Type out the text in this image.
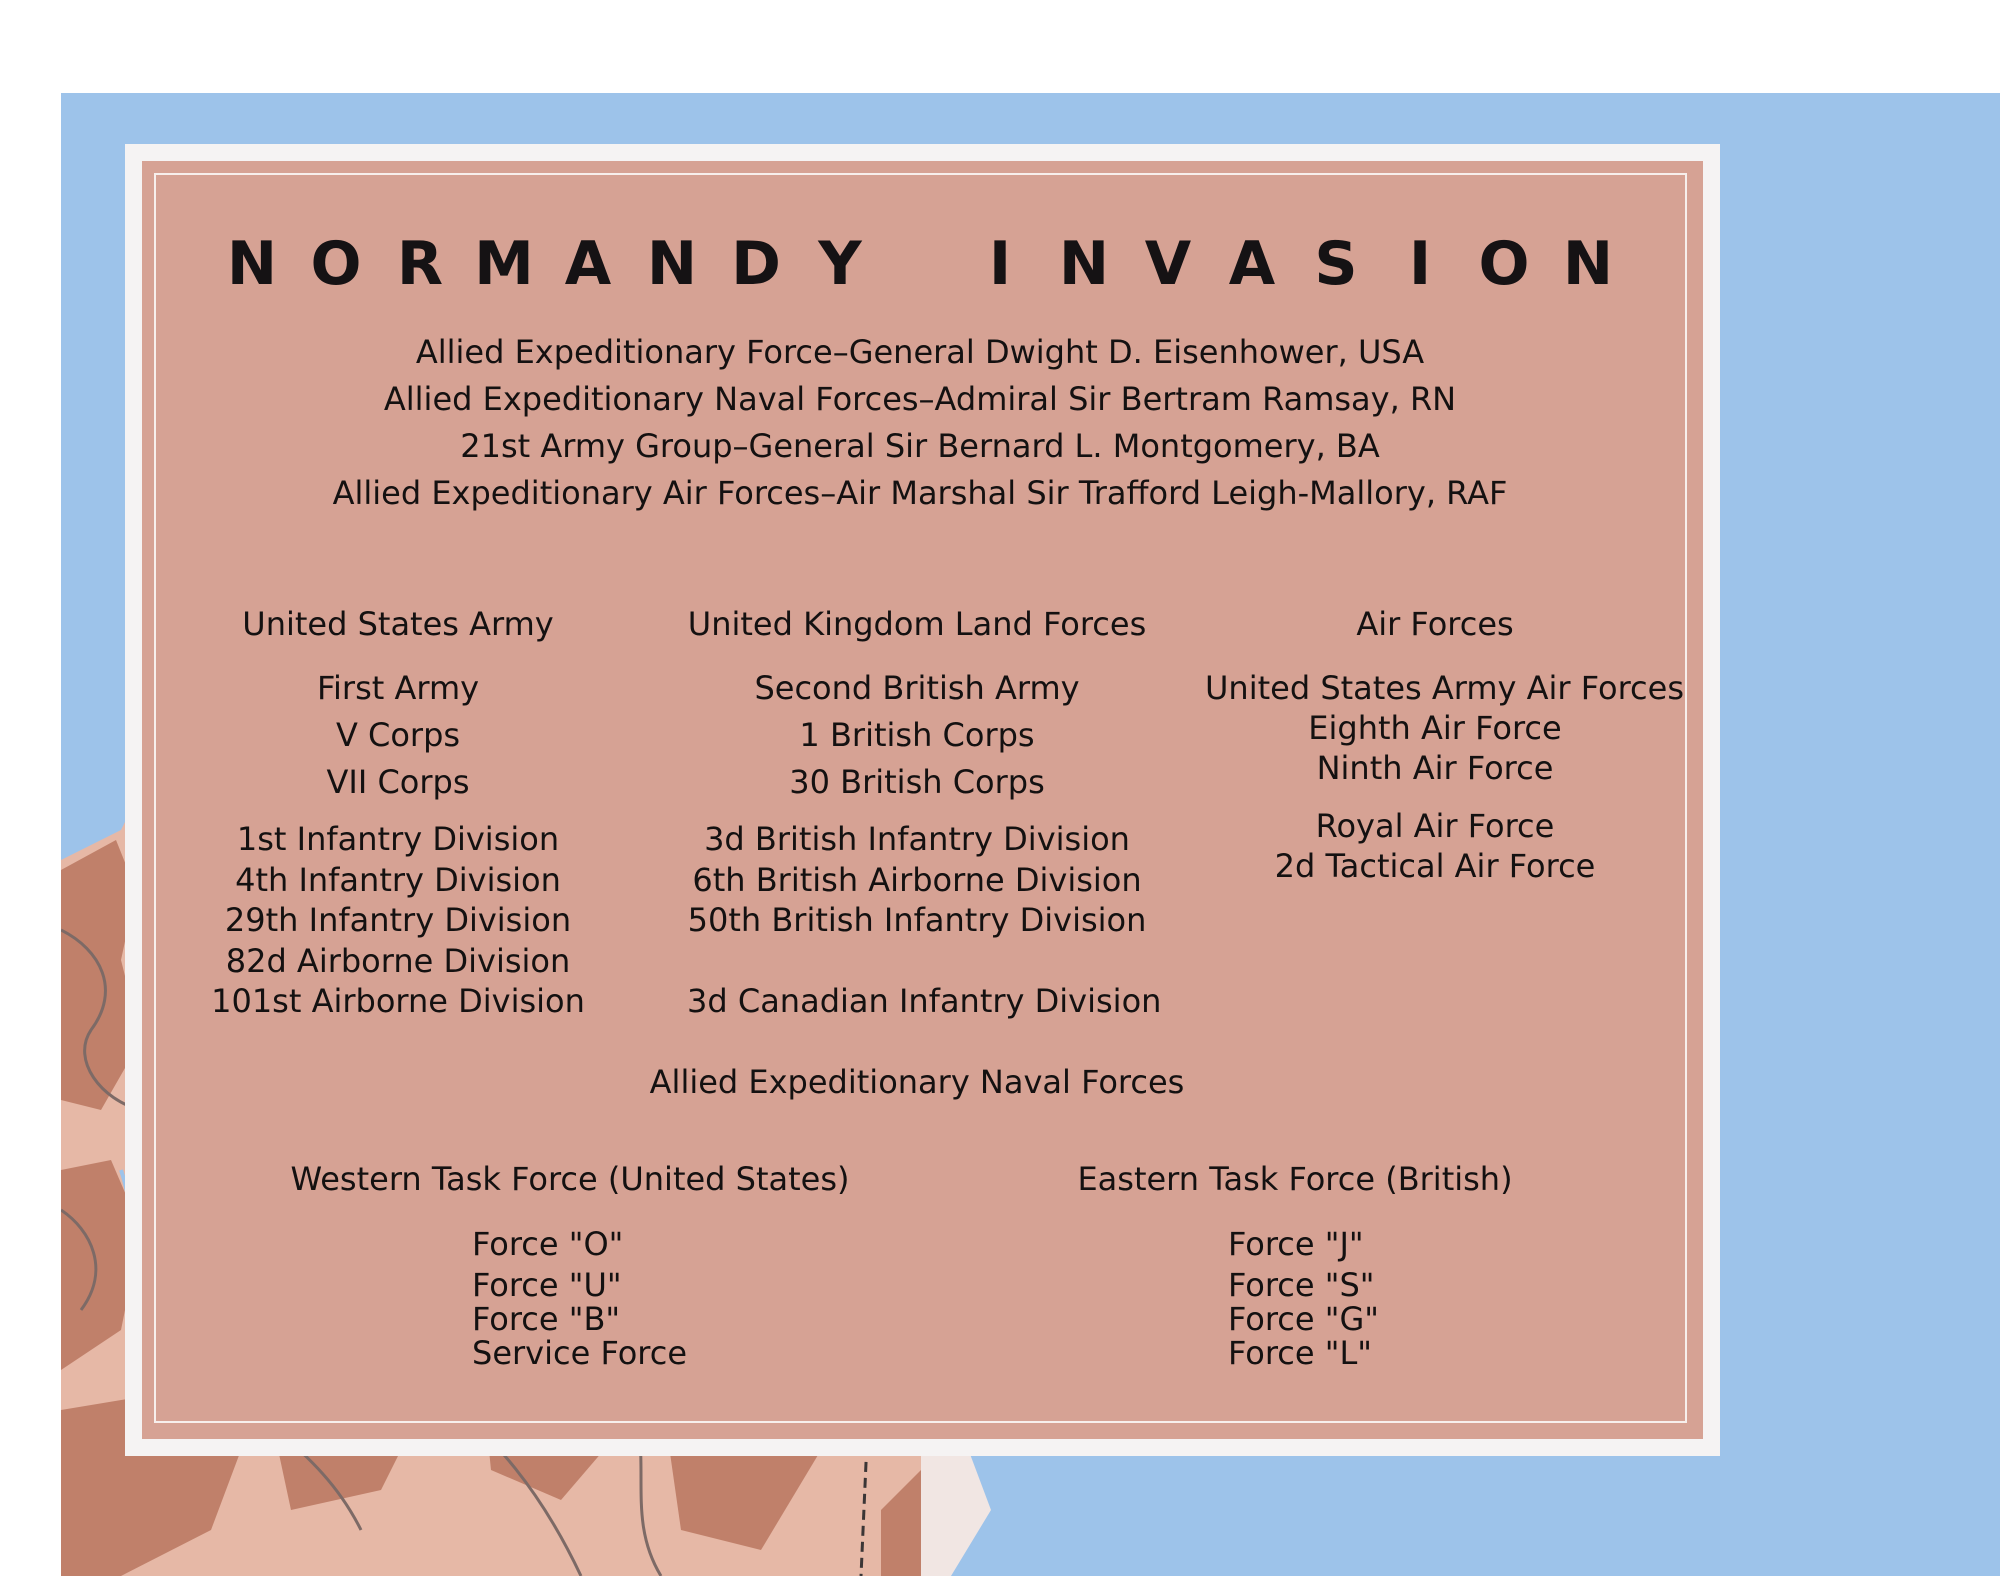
N O R M A N D Y	I N V A S I O N
Allied Expeditionary Force–General Dwight D. Eisenhower, USA
Allied Expeditionary Naval Forces–Admiral Sir Bertram Ramsay, RN
21st Army Group–General Sir Bernard L. Montgomery, BA
Allied Expeditionary Air Forces–Air Marshal Sir Trafford Leigh-Mallory, RAF
United States Army
First Army
V Corps
VII Corps
1st Infantry Division
4th Infantry Division
29th Infantry Division
82d Airborne Division
101st Airborne Division
United Kingdom Land Forces
Second British Army
1 British Corps
30 British Corps
3d British Infantry Division
6th British Airborne Division
50th British Infantry Division
3d Canadian Infantry Division
Air Forces
United States Army Air Forces
Eighth Air Force
Ninth Air Force
Royal Air Force
2d Tactical Air Force
Allied Expeditionary Naval Forces
Western Task Force (United States)	Eastern Task Force (British)
Force "O"
Force "U"
Force "B"
Service Force
Force "J"
Force "S"
Force "G"
Force "L"
